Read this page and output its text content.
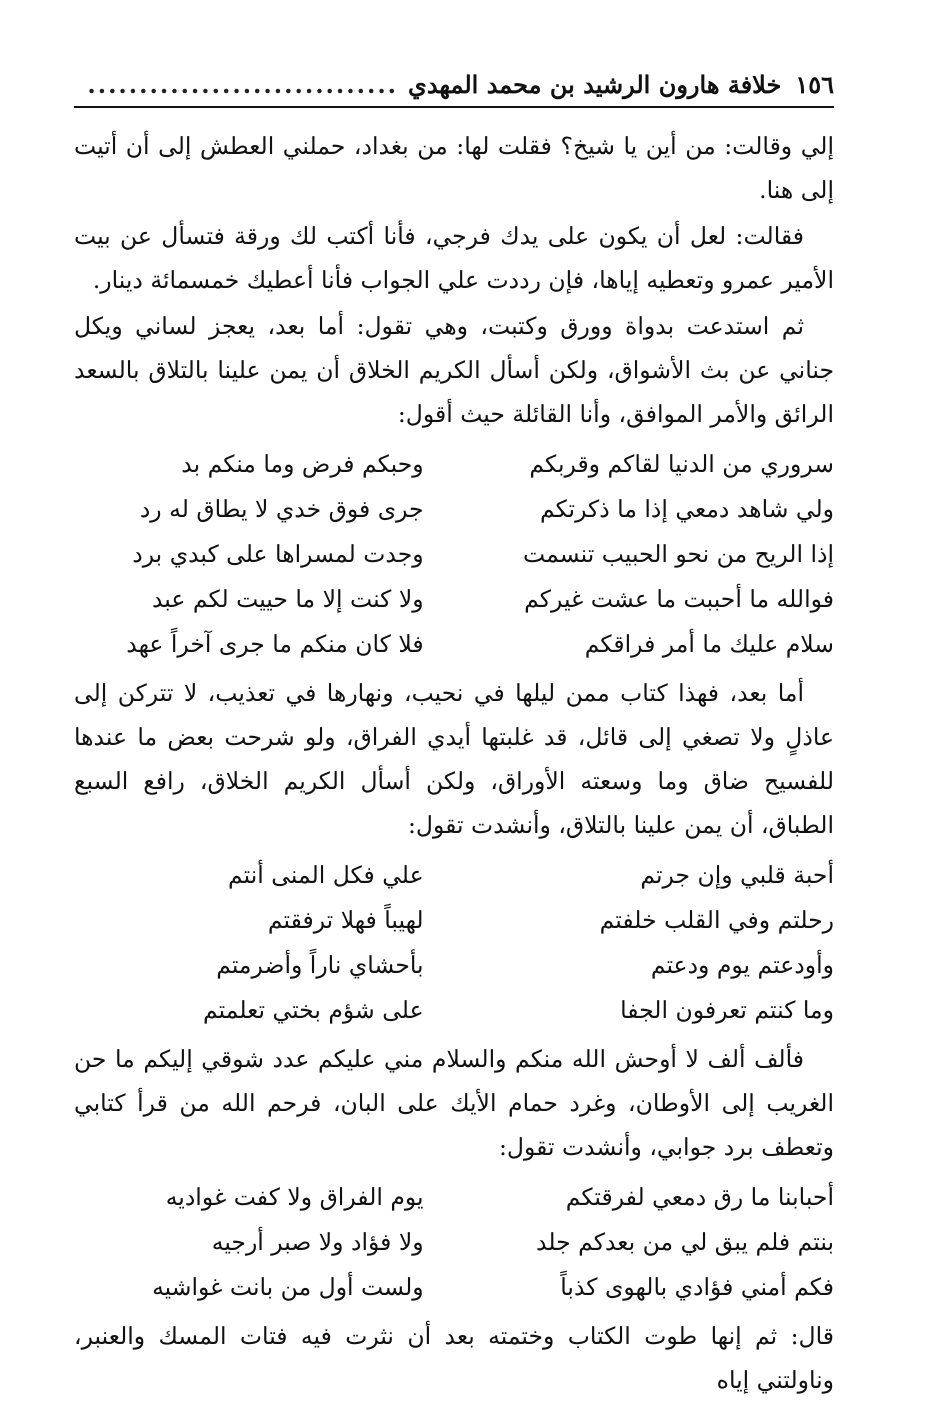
١٥٦
خلافة هارون الرشيد بن محمد المهدي
.....

إلي وقالت: من أين يا شيخ؟ فقلت لها: من بغداد، حملني العطش إلى أن أتيت إلى هنا.

فقالت: لعل أن يكون على يدك فرجي، فأنا أكتب لك ورقة فتسأل عن بيت الأمير عمرو وتعطيه إياها، فإن رددت علي الجواب فأنا أعطيك خمسمائة دينار.

ثم استدعت بدواة وورق وكتبت، وهي تقول: أما بعد، يعجز لساني ويكل جناني عن بث الأشواق، ولكن أسأل الكريم الخلاق أن يمن علينا بالتلاق بالسعد الرائق والأمر الموافق، وأنا القائلة حيث أقول:

سروري من الدنيا لقاكم وقربكم
وحبكم فرض وما منكم بد
ولي شاهد دمعي إذا ما ذكرتكم
جرى فوق خدي لا يطاق له رد
إذا الريح من نحو الحبيب تنسمت
وجدت لمسراها على كبدي برد
فوالله ما أحببت ما عشت غيركم
ولا كنت إلا ما حييت لكم عبد
سلام عليك ما أمر فراقكم
فلا كان منكم ما جرى آخراً عهد

أما بعد، فهذا كتاب ممن ليلها في نحيب، ونهارها في تعذيب، لا تتركن إلى عاذلٍ ولا تصغي إلى قائل، قد غلبتها أيدي الفراق، ولو شرحت بعض ما عندها للفسيح ضاق وما وسعته الأوراق، ولكن أسأل الكريم الخلاق، رافع السبع الطباق، أن يمن علينا بالتلاق، وأنشدت تقول:

أحبة قلبي وإن جرتم
علي فكل المنى أنتم
رحلتم وفي القلب خلفتم
لهيباً فهلا ترفقتم
وأودعتم يوم ودعتم
بأحشاي ناراً وأضرمتم
وما كنتم تعرفون الجفا
على شؤم بختي تعلمتم

فألف ألف لا أوحش الله منكم والسلام مني عليكم عدد شوقي إليكم ما حن الغريب إلى الأوطان، وغرد حمام الأيك على البان، فرحم الله من قرأ كتابي وتعطف برد جوابي، وأنشدت تقول:

أحبابنا ما رق دمعي لفرقتكم
يوم الفراق ولا كفت غواديه
بنتم فلم يبق لي من بعدكم جلد
ولا فؤاد ولا صبر أرجيه
فكم أمني فؤادي بالهوى كذباً
ولست أول من بانت غواشيه

قال: ثم إنها طوت الكتاب وختمته بعد أن نثرت فيه فتات المسك والعنبر، وناولتني إياه
